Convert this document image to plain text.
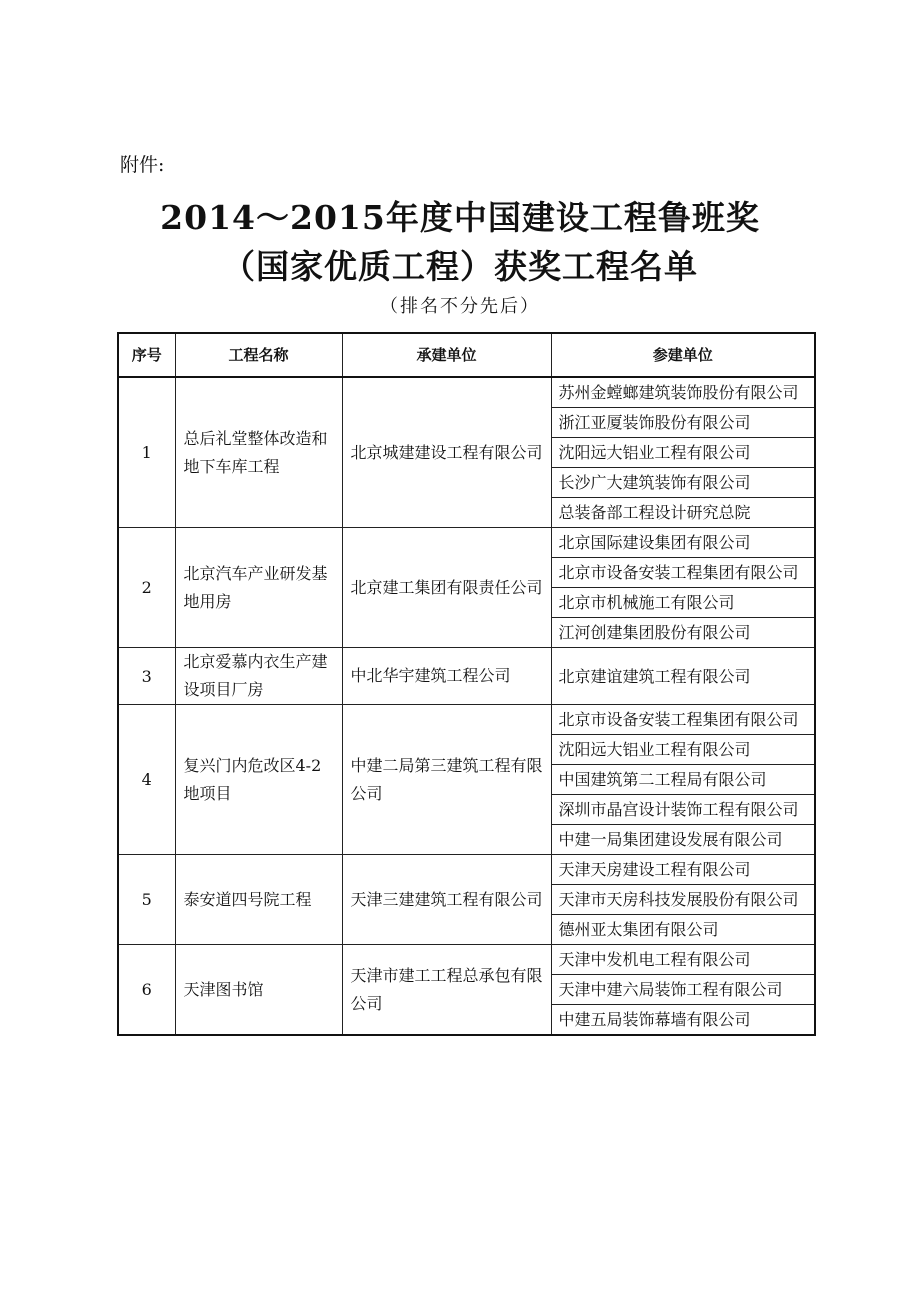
附件:
2014～2015年度中国建设工程鲁班奖
（国家优质工程）获奖工程名单
（排名不分先后）
序号	工程名称	承建单位	参建单位
1	总后礼堂整体改造和地下车库工程	北京城建建设工程有限公司	苏州金螳螂建筑装饰股份有限公司
			浙江亚厦装饰股份有限公司
			沈阳远大铝业工程有限公司
			长沙广大建筑装饰有限公司
			总装备部工程设计研究总院
2	北京汽车产业研发基地用房	北京建工集团有限责任公司	北京国际建设集团有限公司
			北京市设备安装工程集团有限公司
			北京市机械施工有限公司
			江河创建集团股份有限公司
3	北京爱慕内衣生产建设项目厂房	中北华宇建筑工程公司	北京建谊建筑工程有限公司
4	复兴门内危改区4-2地项目	中建二局第三建筑工程有限公司	北京市设备安装工程集团有限公司
			沈阳远大铝业工程有限公司
			中国建筑第二工程局有限公司
			深圳市晶宫设计装饰工程有限公司
			中建一局集团建设发展有限公司
5	泰安道四号院工程	天津三建建筑工程有限公司	天津天房建设工程有限公司
			天津市天房科技发展股份有限公司
			德州亚太集团有限公司
6	天津图书馆	天津市建工工程总承包有限公司	天津中发机电工程有限公司
			天津中建六局装饰工程有限公司
			中建五局装饰幕墙有限公司
